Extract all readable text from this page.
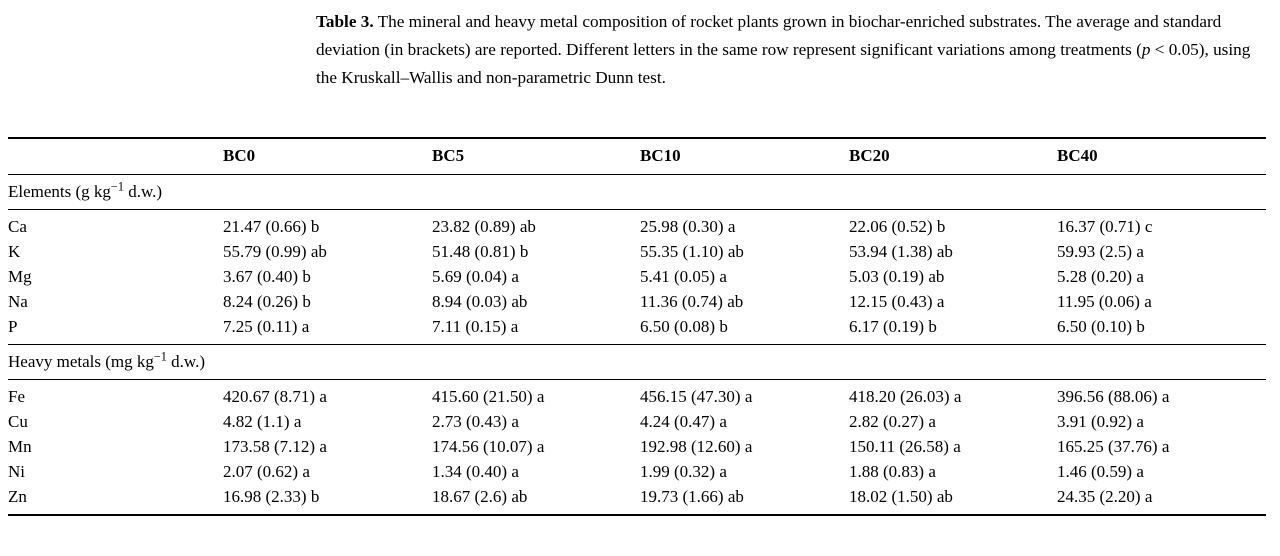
Table 3. The mineral and heavy metal composition of rocket plants grown in biochar-enriched substrates. The average and standard deviation (in brackets) are reported. Different letters in the same row represent significant variations among treatments (p < 0.05), using the Kruskall–Wallis and non-parametric Dunn test.
	BC0	BC5	BC10	BC20	BC40
Elements (g $kg^{-1}$ d.w.)					
Ca	21.47 (0.66) b	23.82 (0.89) ab	25.98 (0.30) a	22.06 (0.52) b	16.37 (0.71) c
K	55.79 (0.99) ab	51.48 (0.81) b	55.35 (1.10) ab	53.94 (1.38) ab	59.93 (2.5) a
Mg	3.67 (0.40) b	5.69 (0.04) a	5.41 (0.05) a	5.03 (0.19) ab	5.28 (0.20) a
Na	8.24 (0.26) b	8.94 (0.03) ab	11.36 (0.74) ab	12.15 (0.43) a	11.95 (0.06) a
P	7.25 (0.11) a	7.11 (0.15) a	6.50 (0.08) b	6.17 (0.19) b	6.50 (0.10) b
Heavy metals (mg $kg^{-1}$ d.w.)					
Fe	420.67 (8.71) a	415.60 (21.50) a	456.15 (47.30) a	418.20 (26.03) a	396.56 (88.06) a
Cu	4.82 (1.1) a	2.73 (0.43) a	4.24 (0.47) a	2.82 (0.27) a	3.91 (0.92) a
Mn	173.58 (7.12) a	174.56 (10.07) a	192.98 (12.60) a	150.11 (26.58) a	165.25 (37.76) a
Ni	2.07 (0.62) a	1.34 (0.40) a	1.99 (0.32) a	1.88 (0.83) a	1.46 (0.59) a
Zn	16.98 (2.33) b	18.67 (2.6) ab	19.73 (1.66) ab	18.02 (1.50) ab	24.35 (2.20) a
